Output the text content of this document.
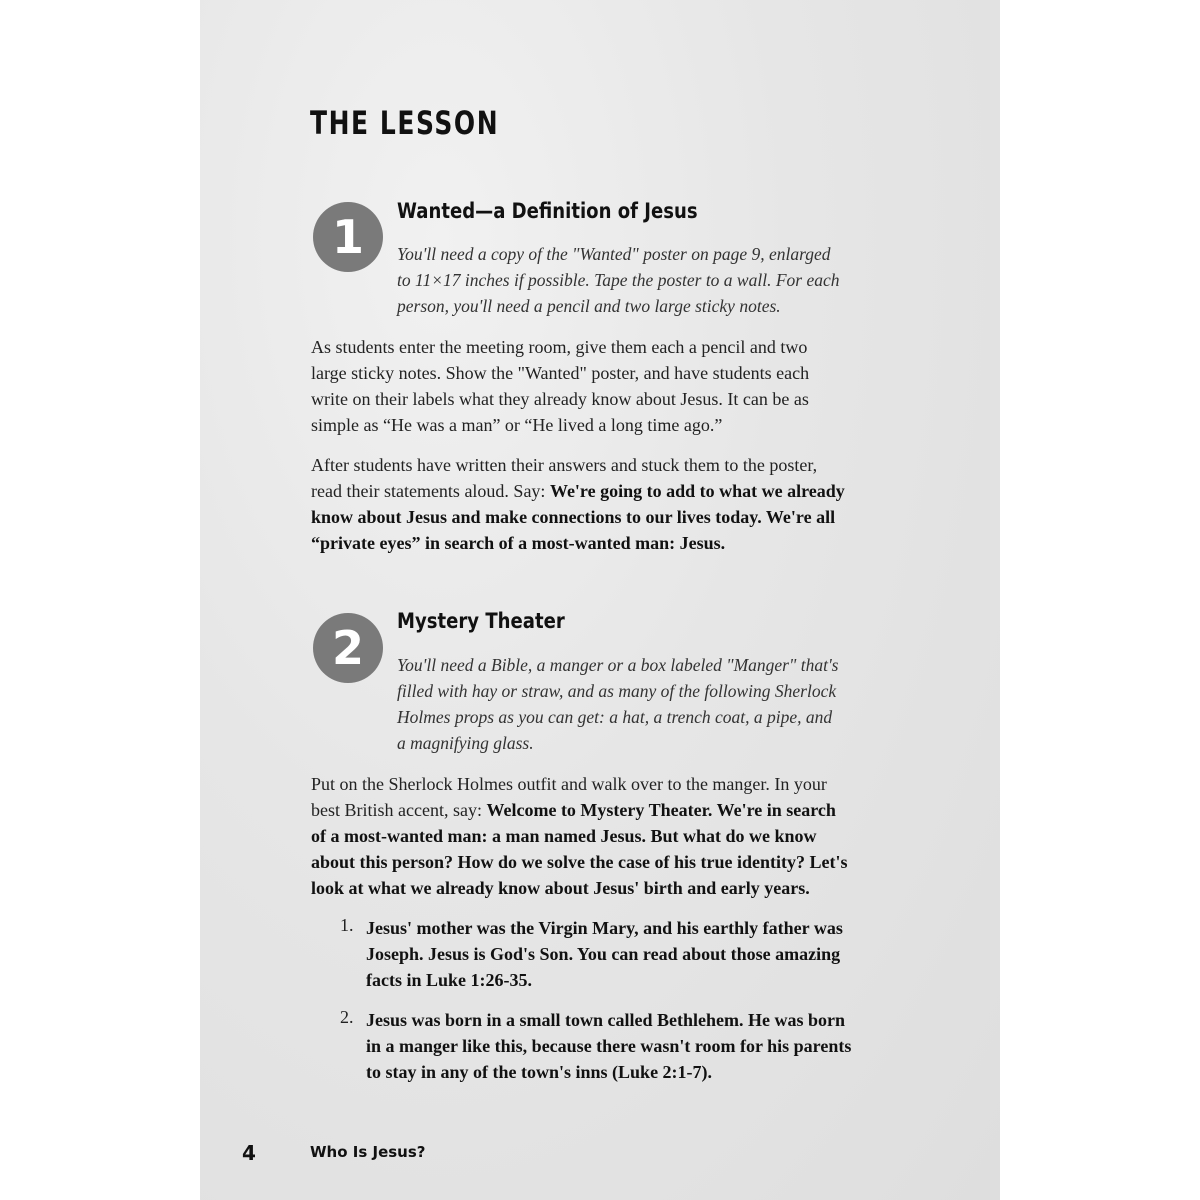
THE LESSON
1	Wanted—a Definition of Jesus
You'll need a copy of the "Wanted" poster on page 9, enlarged
to 11×17 inches if possible. Tape the poster to a wall. For each
person, you'll need a pencil and two large sticky notes.
As students enter the meeting room, give them each a pencil and two
large sticky notes. Show the "Wanted" poster, and have students each
write on their labels what they already know about Jesus. It can be as
simple as “He was a man” or “He lived a long time ago.”
After students have written their answers and stuck them to the poster,
read their statements aloud. Say: We're going to add to what we already
know about Jesus and make connections to our lives today. We're all
“private eyes” in search of a most-wanted man: Jesus.
2	Mystery Theater
You'll need a Bible, a manger or a box labeled "Manger" that's
filled with hay or straw, and as many of the following Sherlock
Holmes props as you can get: a hat, a trench coat, a pipe, and
a magnifying glass.
Put on the Sherlock Holmes outfit and walk over to the manger. In your
best British accent, say: Welcome to Mystery Theater. We're in search
of a most-wanted man: a man named Jesus. But what do we know
about this person? How do we solve the case of his true identity? Let's
look at what we already know about Jesus' birth and early years.
1. Jesus' mother was the Virgin Mary, and his earthly father was
Joseph. Jesus is God's Son. You can read about those amazing
facts in Luke 1:26-35.
2. Jesus was born in a small town called Bethlehem. He was born
in a manger like this, because there wasn't room for his parents
to stay in any of the town's inns (Luke 2:1-7).
4	Who Is Jesus?
